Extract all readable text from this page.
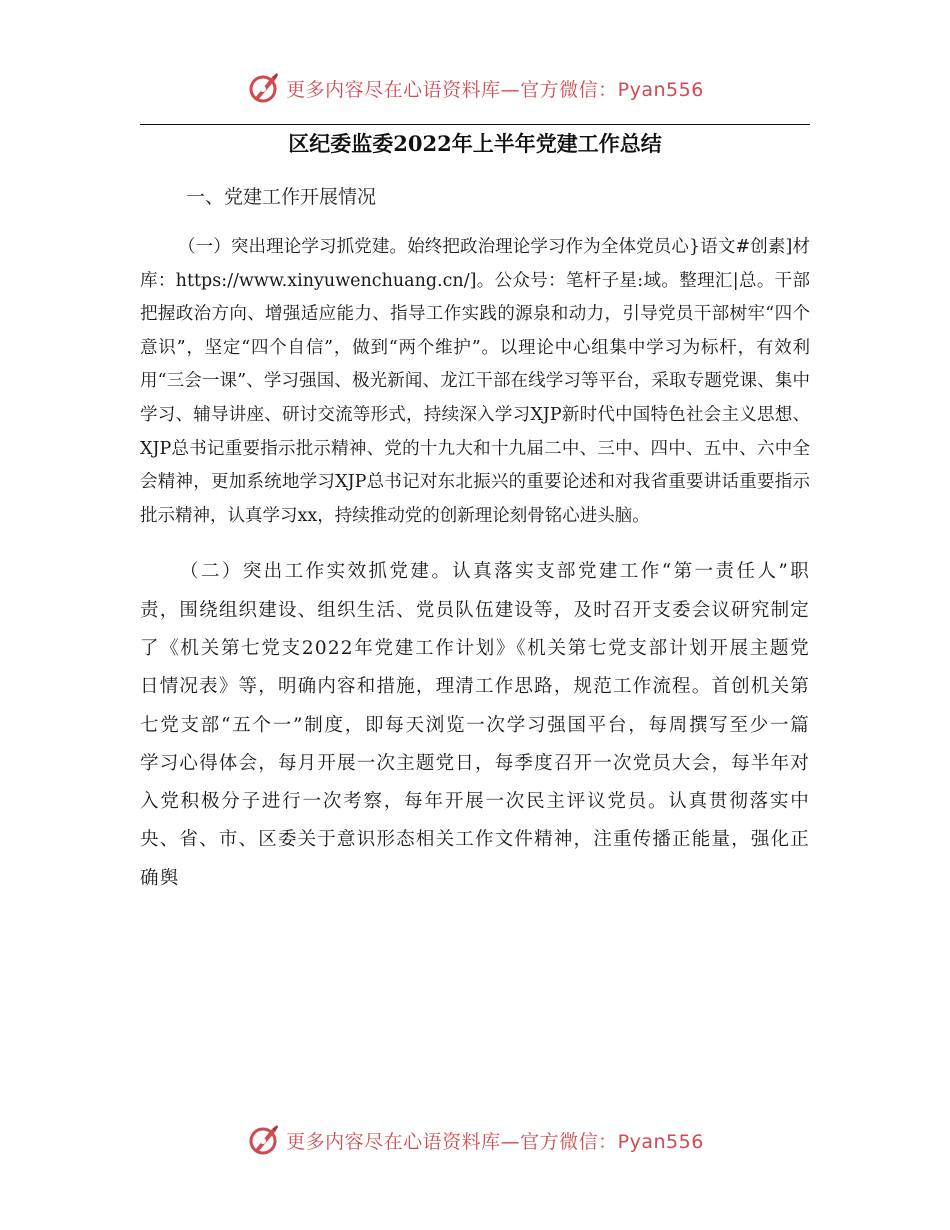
更多内容尽在心语资料库—官方微信：Pyan556
区纪委监委2022年上半年党建工作总结

一、党建工作开展情况

（一）突出理论学习抓党建。始终把政治理论学习作为全体党员心}语文#创素]材库：https://www.xinyuwenchuang.cn/]。公众号：笔杆子星:域。整理汇|总。干部把握政治方向、增强适应能力、指导工作实践的源泉和动力，引导党员干部树牢“四个意识”，坚定“四个自信”，做到“两个维护”。以理论中心组集中学习为标杆，有效利用“三会一课”、学习强国、极光新闻、龙江干部在线学习等平台，采取专题党课、集中学习、辅导讲座、研讨交流等形式，持续深入学习XJP新时代中国特色社会主义思想、XJP总书记重要指示批示精神、党的十九大和十九届二中、三中、四中、五中、六中全会精神，更加系统地学习XJP总书记对东北振兴的重要论述和对我省重要讲话重要指示批示精神，认真学习xx，持续推动党的创新理论刻骨铭心进头脑。

（二）突出工作实效抓党建。认真落实支部党建工作“第一责任人”职责，围绕组织建设、组织生活、党员队伍建设等，及时召开支委会议研究制定了《机关第七党支2022年党建工作计划》《机关第七党支部计划开展主题党日情况表》等，明确内容和措施，理清工作思路，规范工作流程。首创机关第七党支部“五个一”制度，即每天浏览一次学习强国平台，每周撰写至少一篇学习心得体会，每月开展一次主题党日，每季度召开一次党员大会，每半年对入党积极分子进行一次考察，每年开展一次民主评议党员。认真贯彻落实中央、省、市、区委关于意识形态相关工作文件精神，注重传播正能量，强化正确舆

更多内容尽在心语资料库—官方微信：Pyan556
